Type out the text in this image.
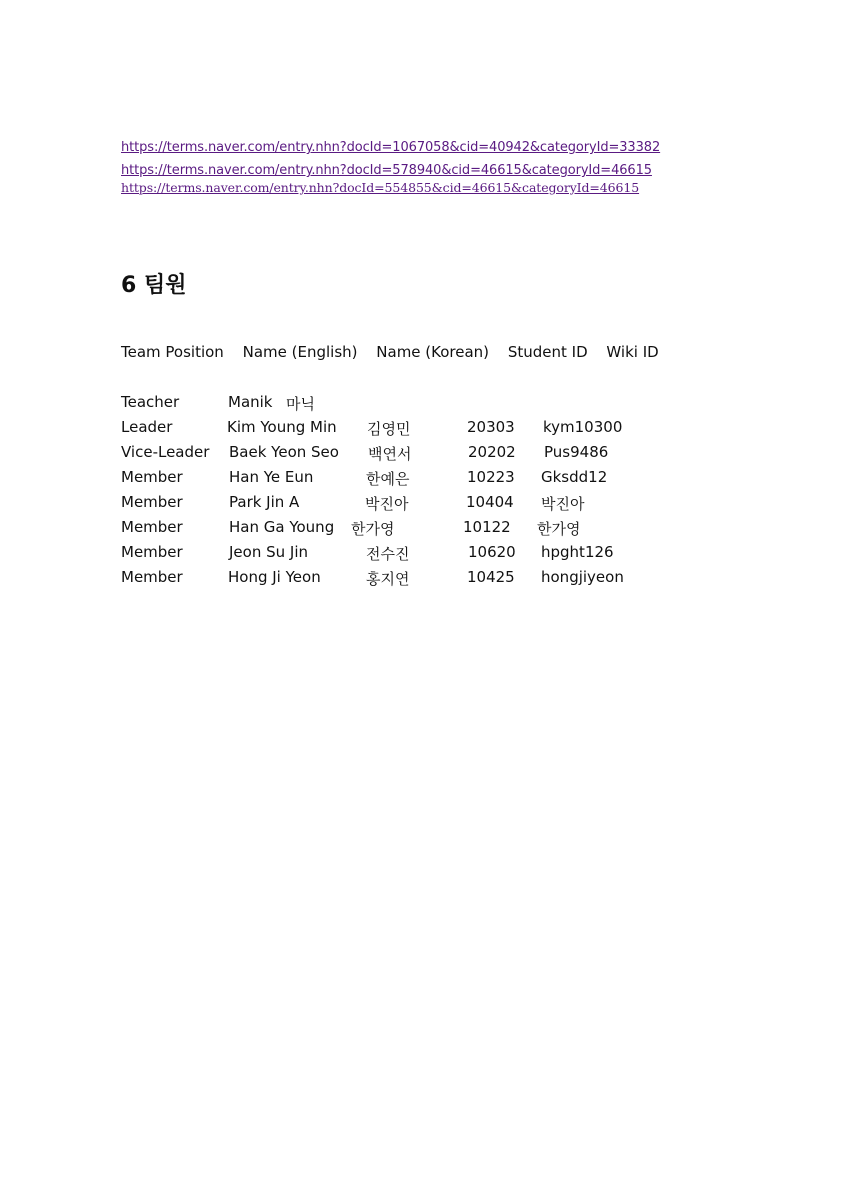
https://terms.naver.com/entry.nhn?docId=1067058&cid=40942&categoryId=33382
https://terms.naver.com/entry.nhn?docId=578940&cid=46615&categoryId=46615
https://terms.naver.com/entry.nhn?docId=554855&cid=46615&categoryId=46615
6 팀원
Team Position Name (English) Name (Korean) Student ID Wiki ID
Teacher	Manik 마닉
Leader	Kim Young Min 김영민	20303 kym10300
Vice-Leader Baek Yeon Seo 백연서	20202 Pus9486
Member	Han Ye Eun	한예은	10223 Gksdd12
Member	Park Jin A	박진아	10404 박진아
Member	Han Ga Young 한가영	10122 한가영
Member	Jeon Su Jin	전수진	10620 hpght126
Member	Hong Ji Yeon	홍지연	10425 hongjiyeon
